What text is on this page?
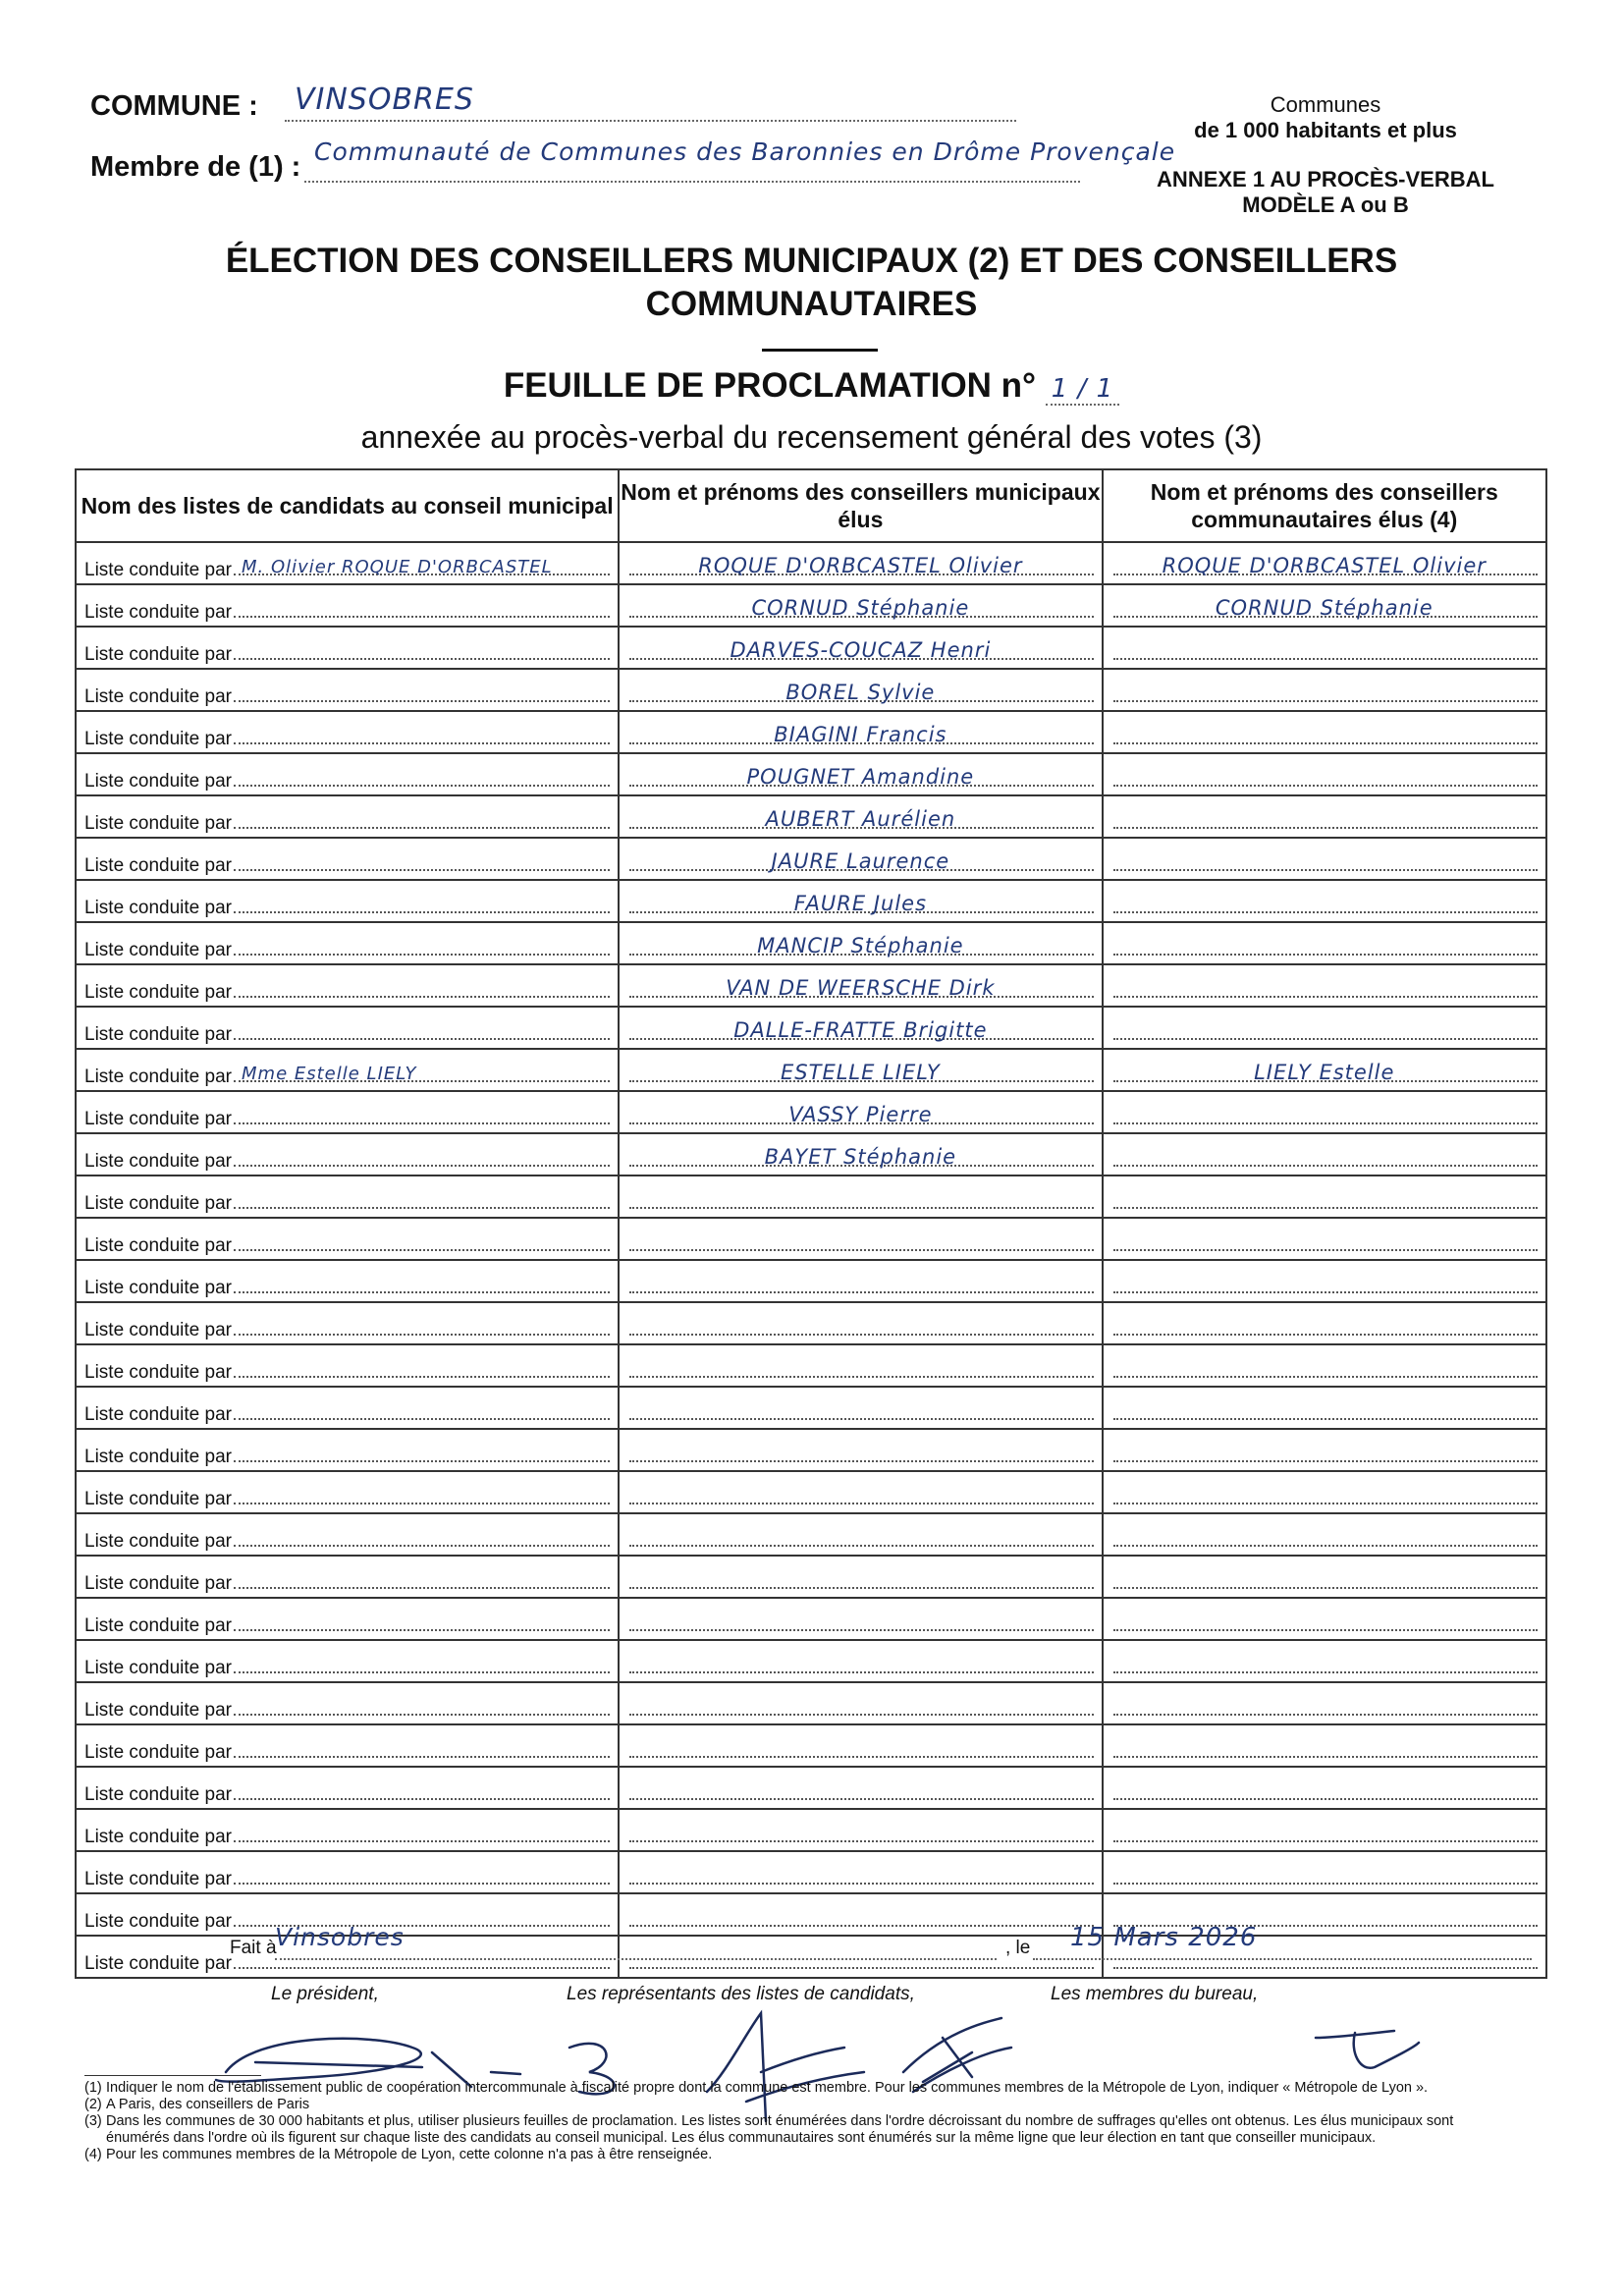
COMMUNE : VINSOBRES
Membre de (1) : Communauté de Communes des Baronnies en Drôme Provençale
Communes
de 1 000 habitants et plus
ANNEXE 1 AU PROCÈS-VERBAL
MODÈLE A ou B
ÉLECTION DES CONSEILLERS MUNICIPAUX (2) ET DES CONSEILLERS
COMMUNAUTAIRES
FEUILLE DE PROCLAMATION n° 1 / 1
annexée au procès-verbal du recensement général des votes (3)
Nom des listes de candidats au conseil municipal	Nom et prénoms des conseillers municipaux élus	Nom et prénoms des conseillers communautaires élus (4)

Liste conduite par M. Olivier ROQUE D'ORBCASTEL	ROQUE D'ORBCASTEL Olivier	ROQUE D'ORBCASTEL Olivier

Liste conduite par	CORNUD Stéphanie	CORNUD Stéphanie

Liste conduite par	DARVES-COUCAZ Henri	

Liste conduite par	BOREL Sylvie	

Liste conduite par	BIAGINI Francis	

Liste conduite par	POUGNET Amandine	

Liste conduite par	AUBERT Aurélien	

Liste conduite par	JAURE Laurence	

Liste conduite par	FAURE Jules	

Liste conduite par	MANCIP Stéphanie	

Liste conduite par	VAN DE WEERSCHE Dirk	

Liste conduite par	DALLE-FRATTE Brigitte	

Liste conduite par Mme Estelle LIELY	ESTELLE LIELY	LIELY Estelle

Liste conduite par	VASSY Pierre	

Liste conduite par	BAYET Stéphanie	

Liste conduite par		

Liste conduite par		

Liste conduite par		

Liste conduite par		

Liste conduite par		

Liste conduite par		

Liste conduite par		

Liste conduite par		

Liste conduite par		

Liste conduite par		

Liste conduite par		

Liste conduite par		

Liste conduite par		

Liste conduite par		

Liste conduite par		

Liste conduite par		

Liste conduite par		

Liste conduite par		

Liste conduite par		

Fait à
Vinsobres	, le 15 Mars 2026
Le président,	Les représentants des listes de candidats,	Les membres du bureau,
(1) Indiquer le nom de l'établissement public de coopération intercommunale à fiscalité propre dont la commune est membre. Pour les communes membres de la Métropole de Lyon, indiquer « Métropole de Lyon ».
(2) A Paris, des conseillers de Paris
(3) Dans les communes de 30 000 habitants et plus, utiliser plusieurs feuilles de proclamation. Les listes sont énumérées dans l'ordre décroissant du nombre de suffrages qu'elles ont obtenus. Les élus municipaux sont énumérés dans l'ordre où ils figurent sur chaque liste des candidats au conseil municipal. Les élus communautaires sont énumérés sur la même ligne que leur élection en tant que conseiller municipaux.
(4) Pour les communes membres de la Métropole de Lyon, cette colonne n'a pas à être renseignée.
